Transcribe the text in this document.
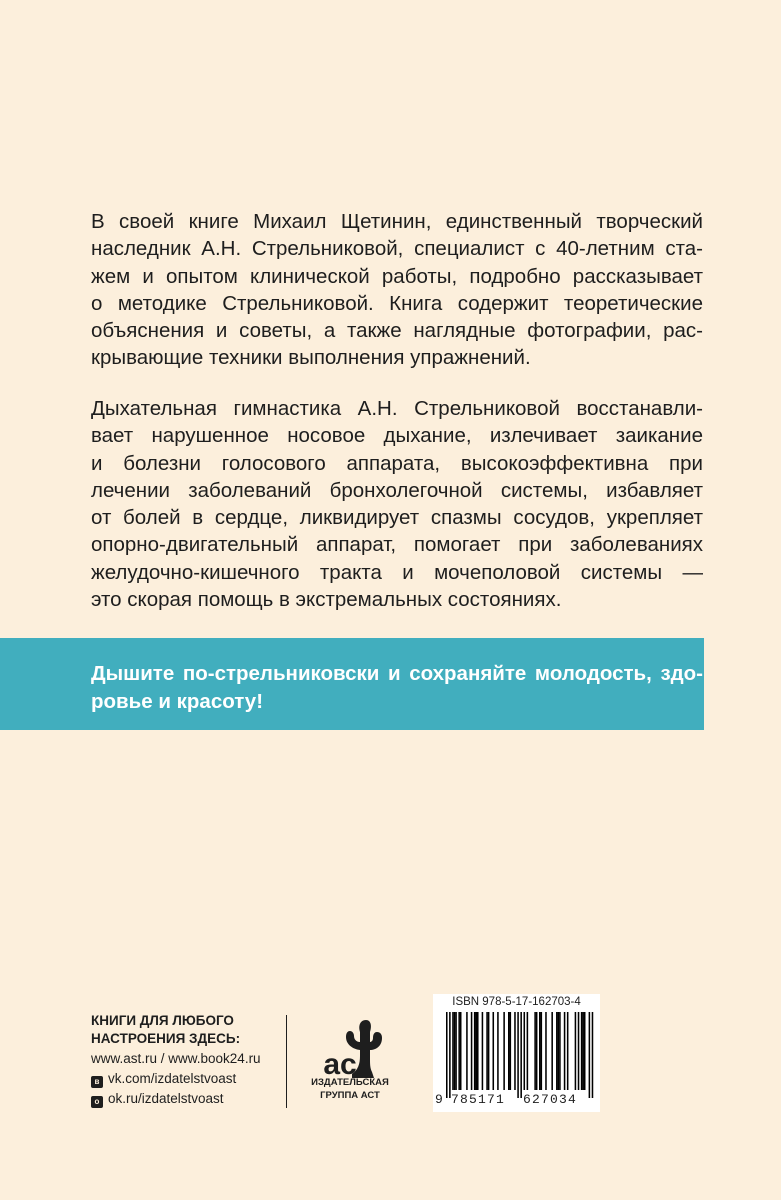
В своей книге Михаил Щетинин, единственный творческий
наследник А.Н. Стрельниковой, специалист с 40-летним ста-
жем и опытом клинической работы, подробно рассказывает
о методике Стрельниковой. Книга содержит теоретические
объяснения и советы, а также наглядные фотографии, рас-
крывающие техники выполнения упражнений.
Дыхательная гимнастика А.Н. Стрельниковой восстанавли-
вает нарушенное носовое дыхание, излечивает заикание
и болезни голосового аппарата, высокоэффективна при
лечении заболеваний бронхолегочной системы, избавляет
от болей в сердце, ликвидирует спазмы сосудов, укрепляет
опорно-двигательный аппарат, помогает при заболеваниях
желудочно-кишечного тракта и мочеполовой системы —
это скорая помощь в экстремальных состояниях.
Дышите по-стрельниковски и сохраняйте молодость, здо-
ровье и красоту!
КНИГИ ДЛЯ ЛЮБОГО
НАСТРОЕНИЯ ЗДЕСЬ:
www.ast.ru / www.book24.ru
в vk.com/izdatelstvoast
о ok.ru/izdatelstvoast
ас
ИЗДАТЕЛЬСКАЯ
ГРУППА АСТ
ISBN 978-5-17-162703-4
9 785171 627034
